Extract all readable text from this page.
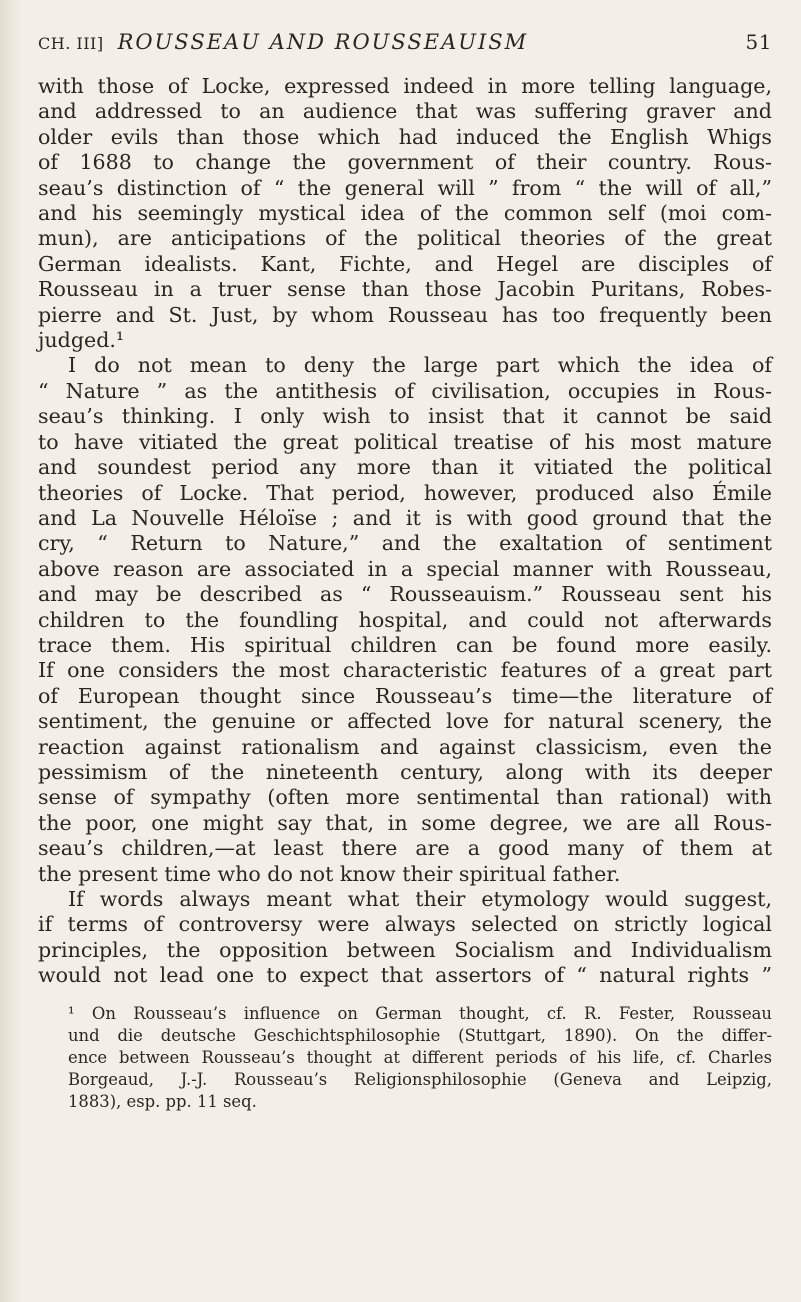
CH. III] ROUSSEAU AND ROUSSEAUISM	51
with those of Locke, expressed indeed in more telling language,
and addressed to an audience that was suffering graver and
older evils than those which had induced the English Whigs
of 1688 to change the government of their country. Rous-
seau’s distinction of “ the general will ” from “ the will of all,”
and his seemingly mystical idea of the common self (moi com-
mun), are anticipations of the political theories of the great
German idealists. Kant, Fichte, and Hegel are disciples of
Rousseau in a truer sense than those Jacobin Puritans, Robes-
pierre and St. Just, by whom Rousseau has too frequently been
judged.¹
I do not mean to deny the large part which the idea of
“ Nature ” as the antithesis of civilisation, occupies in Rous-
seau’s thinking. I only wish to insist that it cannot be said
to have vitiated the great political treatise of his most mature
and soundest period any more than it vitiated the political
theories of Locke. That period, however, produced also Émile
and La Nouvelle Héloïse ; and it is with good ground that the
cry, “ Return to Nature,” and the exaltation of sentiment
above reason are associated in a special manner with Rousseau,
and may be described as “ Rousseauism.” Rousseau sent his
children to the foundling hospital, and could not afterwards
trace them. His spiritual children can be found more easily.
If one considers the most characteristic features of a great part
of European thought since Rousseau’s time—the literature of
sentiment, the genuine or affected love for natural scenery, the
reaction against rationalism and against classicism, even the
pessimism of the nineteenth century, along with its deeper
sense of sympathy (often more sentimental than rational) with
the poor, one might say that, in some degree, we are all Rous-
seau’s children,—at least there are a good many of them at
the present time who do not know their spiritual father.
If words always meant what their etymology would suggest,
if terms of controversy were always selected on strictly logical
principles, the opposition between Socialism and Individualism
would not lead one to expect that assertors of “ natural rights ”
¹ On Rousseau’s influence on German thought, cf. R. Fester, Rousseau
und die deutsche Geschichtsphilosophie (Stuttgart, 1890). On the differ-
ence between Rousseau’s thought at different periods of his life, cf. Charles
Borgeaud, J.-J. Rousseau’s Religionsphilosophie (Geneva and Leipzig,
1883), esp. pp. 11 seq.
